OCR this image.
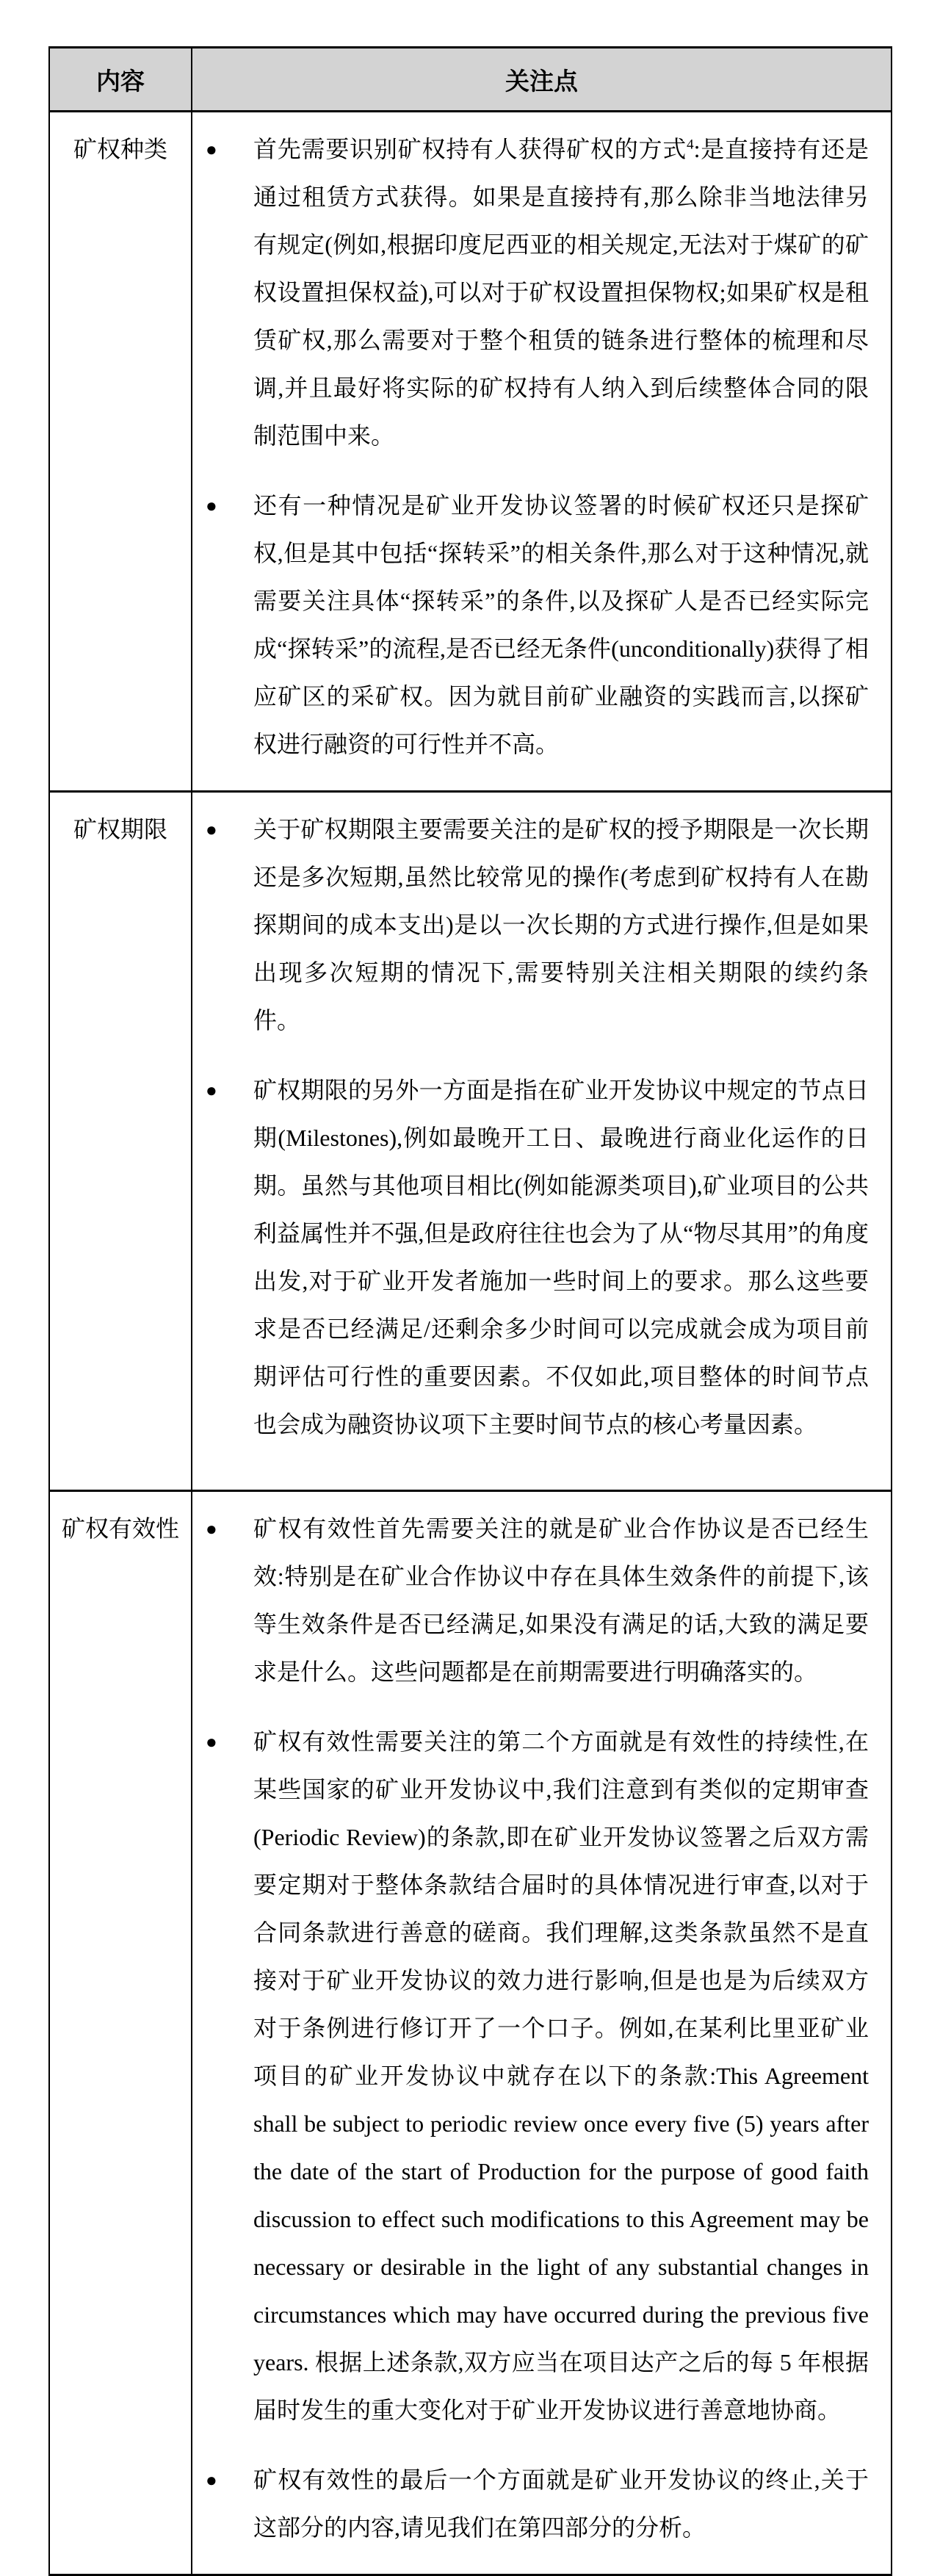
内容	关注点
矿权种类	●	首先需要识别矿权持有人获得矿权的方式$^4$:是直接持有还是通过租赁方式获得。如果是直接持有,那么除非当地法律另有规定(例如,根据印度尼西亚的相关规定,无法对于煤矿的矿权设置担保权益),可以对于矿权设置担保物权;如果矿权是租赁矿权,那么需要对于整个租赁的链条进行整体的梳理和尽调,并且最好将实际的矿权持有人纳入到后续整体合同的限制范围中来。
●	还有一种情况是矿业开发协议签署的时候矿权还只是探矿权,但是其中包括“探转采”的相关条件,那么对于这种情况,就需要关注具体“探转采”的条件,以及探矿人是否已经实际完成“探转采”的流程,是否已经无条件(unconditionally)获得了相应矿区的采矿权。因为就目前矿业融资的实践而言,以探矿权进行融资的可行性并不高。
矿权期限	●	关于矿权期限主要需要关注的是矿权的授予期限是一次长期还是多次短期,虽然比较常见的操作(考虑到矿权持有人在勘探期间的成本支出)是以一次长期的方式进行操作,但是如果出现多次短期的情况下,需要特别关注相关期限的续约条件。
●	矿权期限的另外一方面是指在矿业开发协议中规定的节点日期(Milestones),例如最晚开工日、最晚进行商业化运作的日期。虽然与其他项目相比(例如能源类项目),矿业项目的公共利益属性并不强,但是政府往往也会为了从“物尽其用”的角度出发,对于矿业开发者施加一些时间上的要求。那么这些要求是否已经满足/还剩余多少时间可以完成就会成为项目前期评估可行性的重要因素。不仅如此,项目整体的时间节点也会成为融资协议项下主要时间节点的核心考量因素。
矿权有效性	●	矿权有效性首先需要关注的就是矿业合作协议是否已经生效:特别是在矿业合作协议中存在具体生效条件的前提下,该等生效条件是否已经满足,如果没有满足的话,大致的满足要求是什么。这些问题都是在前期需要进行明确落实的。
●	矿权有效性需要关注的第二个方面就是有效性的持续性,在某些国家的矿业开发协议中,我们注意到有类似的定期审查(Periodic Review)的条款,即在矿业开发协议签署之后双方需要定期对于整体条款结合届时的具体情况进行审查,以对于合同条款进行善意的磋商。我们理解,这类条款虽然不是直接对于矿业开发协议的效力进行影响,但是也是为后续双方对于条例进行修订开了一个口子。例如,在某利比里亚矿业项目的矿业开发协议中就存在以下的条款:This Agreement shall be subject to periodic review once every five (5) years after the date of the start of Production for the purpose of good faith discussion to effect such modifications to this Agreement may be necessary or desirable in the light of any substantial changes in circumstances which may have occurred during the previous five years. 根据上述条款,双方应当在项目达产之后的每 5 年根据届时发生的重大变化对于矿业开发协议进行善意地协商。
●	矿权有效性的最后一个方面就是矿业开发协议的终止,关于这部分的内容,请见我们在第四部分的分析。
